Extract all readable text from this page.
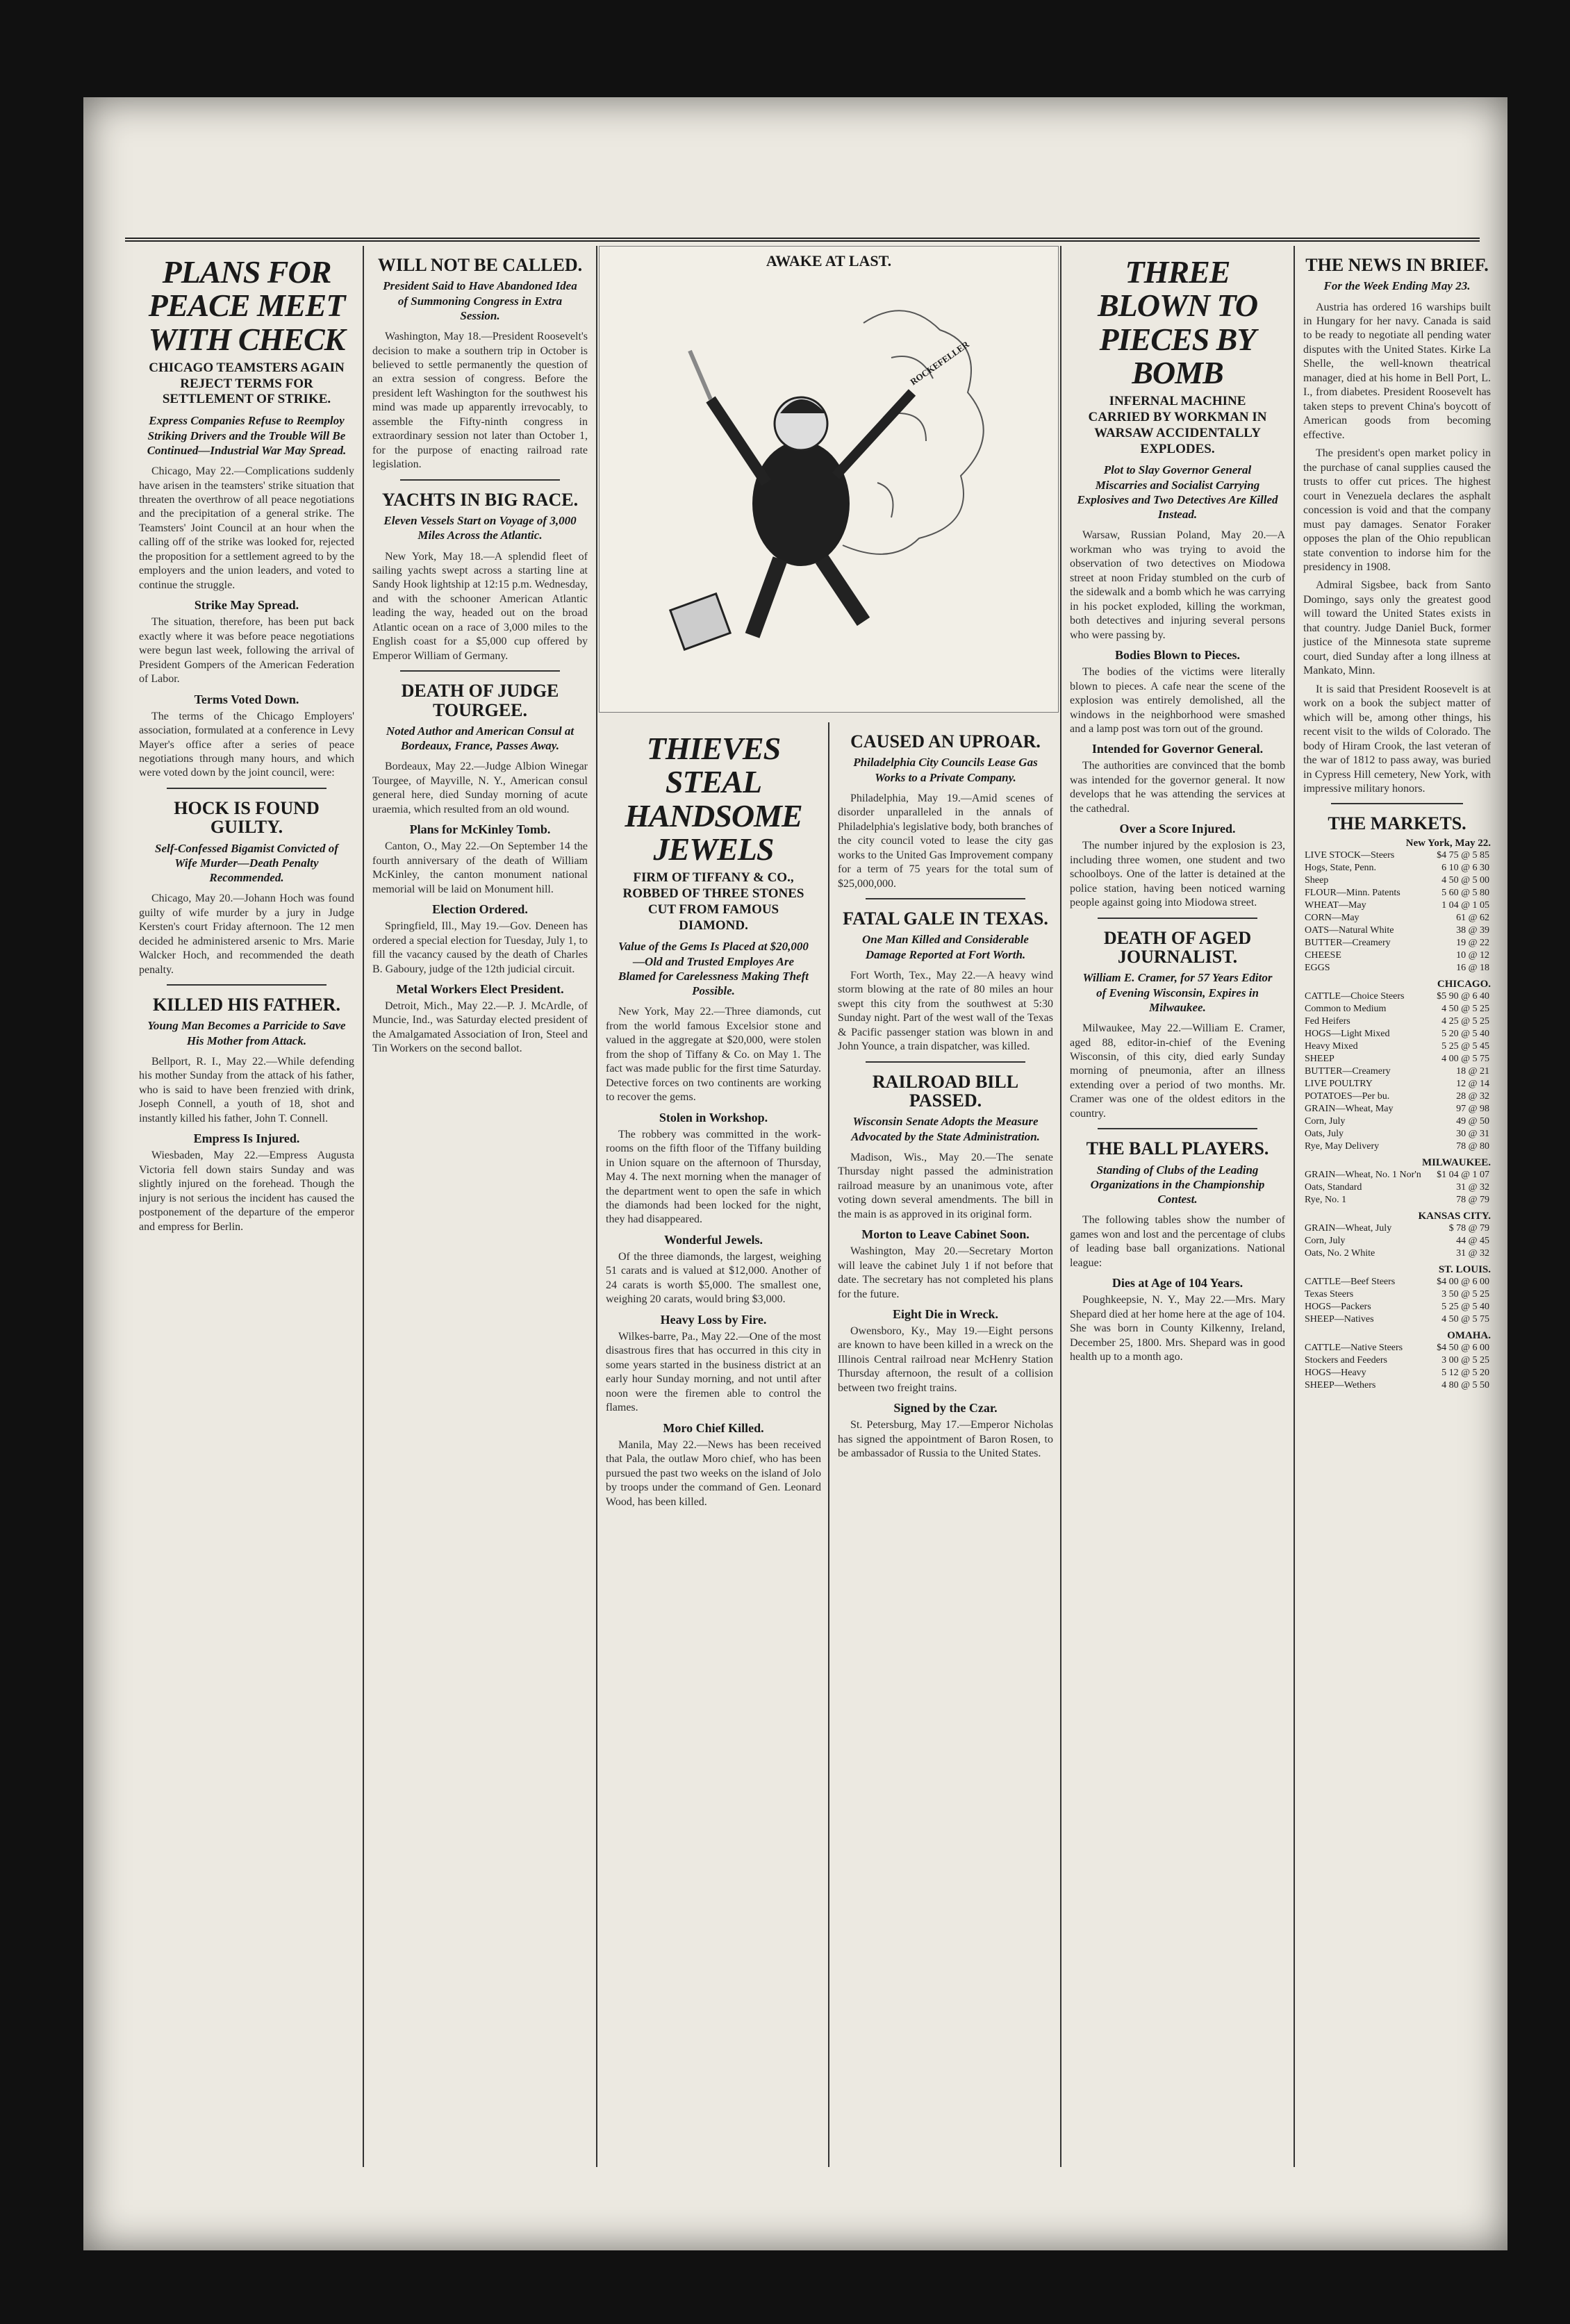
PLANS FOR PEACE MEET WITH CHECK
CHICAGO TEAMSTERS AGAIN REJECT TERMS FOR SETTLEMENT OF STRIKE.
Express Companies Refuse to Reemploy Striking Drivers and the Trouble Will Be Continued—Industrial War May Spread.

Chicago, May 22.—Complications suddenly have arisen in the teamsters' strike situation that threaten the overthrow of all peace negotiations and the precipitation of a general strike. The Teamsters' Joint Council at an hour when the calling off of the strike was looked for, rejected the proposition for a settlement agreed to by the employers and the union leaders, and voted to continue the struggle.

Strike May Spread.

The situation, therefore, has been put back exactly where it was before peace negotiations were begun last week, following the arrival of President Gompers of the American Federation of Labor.

Terms Voted Down.

The terms of the Chicago Employers' association, formulated at a conference in Levy Mayer's office after a series of peace negotiations through many hours, and which were voted down by the joint council, were:

HOCK IS FOUND GUILTY.
Self-Confessed Bigamist Convicted of Wife Murder—Death Penalty Recommended.

Chicago, May 20.—Johann Hoch was found guilty of wife murder by a jury in Judge Kersten's court Friday afternoon. The 12 men decided he administered arsenic to Mrs. Marie Walcker Hoch, and recommended the death penalty.

KILLED HIS FATHER.
Young Man Becomes a Parricide to Save His Mother from Attack.

Bellport, R. I., May 22.—While defending his mother Sunday from the attack of his father, who is said to have been frenzied with drink, Joseph Connell, a youth of 18, shot and instantly killed his father, John T. Connell.

Empress Is Injured.

Wiesbaden, May 22.—Empress Augusta Victoria fell down stairs Sunday and was slightly injured on the forehead. Though the injury is not serious the incident has caused the postponement of the departure of the emperor and empress for Berlin.

WILL NOT BE CALLED.
President Said to Have Abandoned Idea of Summoning Congress in Extra Session.

Washington, May 18.—President Roosevelt's decision to make a southern trip in October is believed to settle permanently the question of an extra session of congress. Before the president left Washington for the southwest his mind was made up apparently irrevocably, to assemble the Fifty-ninth congress in extraordinary session not later than October 1, for the purpose of enacting railroad rate legislation.

YACHTS IN BIG RACE.
Eleven Vessels Start on Voyage of 3,000 Miles Across the Atlantic.

New York, May 18.—A splendid fleet of sailing yachts swept across a starting line at Sandy Hook lightship at 12:15 p.m. Wednesday, and with the schooner American Atlantic leading the way, headed out on the broad Atlantic ocean on a race of 3,000 miles to the English coast for a $5,000 cup offered by Emperor William of Germany.

DEATH OF JUDGE TOURGEE.
Noted Author and American Consul at Bordeaux, France, Passes Away.

Bordeaux, May 22.—Judge Albion Winegar Tourgee, of Mayville, N. Y., American consul general here, died Sunday morning of acute uraemia, which resulted from an old wound.

Plans for McKinley Tomb.

Canton, O., May 22.—On September 14 the fourth anniversary of the death of William McKinley, the canton monument national memorial will be laid on Monument hill.

Election Ordered.

Springfield, Ill., May 19.—Gov. Deneen has ordered a special election for Tuesday, July 1, to fill the vacancy caused by the death of Charles B. Gaboury, judge of the 12th judicial circuit.

Metal Workers Elect President.

Detroit, Mich., May 22.—P. J. McArdle, of Muncie, Ind., was Saturday elected president of the Amalgamated Association of Iron, Steel and Tin Workers on the second ballot.

AWAKE AT LAST.
ROCKEFELLER
THIEVES STEAL HANDSOME JEWELS
FIRM OF TIFFANY & CO., ROBBED OF THREE STONES CUT FROM FAMOUS DIAMOND.
Value of the Gems Is Placed at $20,000—Old and Trusted Employes Are Blamed for Carelessness Making Theft Possible.

New York, May 22.—Three diamonds, cut from the world famous Excelsior stone and valued in the aggregate at $20,000, were stolen from the shop of Tiffany & Co. on May 1. The fact was made public for the first time Saturday. Detective forces on two continents are working to recover the gems.

Stolen in Workshop.

The robbery was committed in the work-rooms on the fifth floor of the Tiffany building in Union square on the afternoon of Thursday, May 4. The next morning when the manager of the department went to open the safe in which the diamonds had been locked for the night, they had disappeared.

Wonderful Jewels.

Of the three diamonds, the largest, weighing 51 carats and is valued at $12,000. Another of 24 carats is worth $5,000. The smallest one, weighing 20 carats, would bring $3,000.

Heavy Loss by Fire.

Wilkes-barre, Pa., May 22.—One of the most disastrous fires that has occurred in this city in some years started in the business district at an early hour Sunday morning, and not until after noon were the firemen able to control the flames.

Moro Chief Killed.

Manila, May 22.—News has been received that Pala, the outlaw Moro chief, who has been pursued the past two weeks on the island of Jolo by troops under the command of Gen. Leonard Wood, has been killed.

CAUSED AN UPROAR.
Philadelphia City Councils Lease Gas Works to a Private Company.

Philadelphia, May 19.—Amid scenes of disorder unparalleled in the annals of Philadelphia's legislative body, both branches of the city council voted to lease the city gas works to the United Gas Improvement company for a term of 75 years for the total sum of $25,000,000.

FATAL GALE IN TEXAS.
One Man Killed and Considerable Damage Reported at Fort Worth.

Fort Worth, Tex., May 22.—A heavy wind storm blowing at the rate of 80 miles an hour swept this city from the southwest at 5:30 Sunday night. Part of the west wall of the Texas & Pacific passenger station was blown in and John Younce, a train dispatcher, was killed.

RAILROAD BILL PASSED.
Wisconsin Senate Adopts the Measure Advocated by the State Administration.

Madison, Wis., May 20.—The senate Thursday night passed the administration railroad measure by an unanimous vote, after voting down several amendments. The bill in the main is as approved in its original form.

Morton to Leave Cabinet Soon.

Washington, May 20.—Secretary Morton will leave the cabinet July 1 if not before that date. The secretary has not completed his plans for the future.

Eight Die in Wreck.

Owensboro, Ky., May 19.—Eight persons are known to have been killed in a wreck on the Illinois Central railroad near McHenry Station Thursday afternoon, the result of a collision between two freight trains.

Signed by the Czar.

St. Petersburg, May 17.—Emperor Nicholas has signed the appointment of Baron Rosen, to be ambassador of Russia to the United States.

THREE BLOWN TO PIECES BY BOMB
INFERNAL MACHINE CARRIED BY WORKMAN IN WARSAW ACCIDENTALLY EXPLODES.
Plot to Slay Governor General Miscarries and Socialist Carrying Explosives and Two Detectives Are Killed Instead.

Warsaw, Russian Poland, May 20.—A workman who was trying to avoid the observation of two detectives on Miodowa street at noon Friday stumbled on the curb of the sidewalk and a bomb which he was carrying in his pocket exploded, killing the workman, both detectives and injuring several persons who were passing by.

Bodies Blown to Pieces.

The bodies of the victims were literally blown to pieces. A cafe near the scene of the explosion was entirely demolished, all the windows in the neighborhood were smashed and a lamp post was torn out of the ground.

Intended for Governor General.

The authorities are convinced that the bomb was intended for the governor general. It now develops that he was attending the services at the cathedral.

Over a Score Injured.

The number injured by the explosion is 23, including three women, one student and two schoolboys. One of the latter is detained at the police station, having been noticed warning people against going into Miodowa street.

DEATH OF AGED JOURNALIST.
William E. Cramer, for 57 Years Editor of Evening Wisconsin, Expires in Milwaukee.

Milwaukee, May 22.—William E. Cramer, aged 88, editor-in-chief of the Evening Wisconsin, of this city, died early Sunday morning of pneumonia, after an illness extending over a period of two months. Mr. Cramer was one of the oldest editors in the country.

THE BALL PLAYERS.
Standing of Clubs of the Leading Organizations in the Championship Contest.

The following tables show the number of games won and lost and the percentage of clubs of leading base ball organizations. National league:

Dies at Age of 104 Years.

Poughkeepsie, N. Y., May 22.—Mrs. Mary Shepard died at her home here at the age of 104. She was born in County Kilkenny, Ireland, December 25, 1800. Mrs. Shepard was in good health up to a month ago.

THE NEWS IN BRIEF.
For the Week Ending May 23.

Austria has ordered 16 warships built in Hungary for her navy. Canada is said to be ready to negotiate all pending water disputes with the United States. Kirke La Shelle, the well-known theatrical manager, died at his home in Bell Port, L. I., from diabetes. President Roosevelt has taken steps to prevent China's boycott of American goods from becoming effective.

The president's open market policy in the purchase of canal supplies caused the trusts to offer cut prices. The highest court in Venezuela declares the asphalt concession is void and that the company must pay damages. Senator Foraker opposes the plan of the Ohio republican state convention to indorse him for the presidency in 1908.

Admiral Sigsbee, back from Santo Domingo, says only the greatest good will toward the United States exists in that country. Judge Daniel Buck, former justice of the Minnesota state supreme court, died Sunday after a long illness at Mankato, Minn.

It is said that President Roosevelt is at work on a book the subject matter of which will be, among other things, his recent visit to the wilds of Colorado. The body of Hiram Crook, the last veteran of the war of 1812 to pass away, was buried in Cypress Hill cemetery, New York, with impressive military honors.

THE MARKETS.
New York, May 22.
LIVE STOCK—Steers	$4 75 @ 5 85
Hogs, State, Penn.	6 10 @ 6 30
Sheep	4 50 @ 5 00
FLOUR—Minn. Patents	5 60 @ 5 80
WHEAT—May	1 04 @ 1 05
CORN—May	61 @ 62
OATS—Natural White	38 @ 39
BUTTER—Creamery	19 @ 22
CHEESE	10 @ 12
EGGS	16 @ 18
CHICAGO.
CATTLE—Choice Steers	$5 90 @ 6 40
Common to Medium	4 50 @ 5 25
Fed Heifers	4 25 @ 5 25
HOGS—Light Mixed	5 20 @ 5 40
Heavy Mixed	5 25 @ 5 45
SHEEP	4 00 @ 5 75
BUTTER—Creamery	18 @ 21
LIVE POULTRY	12 @ 14
POTATOES—Per bu.	28 @ 32
GRAIN—Wheat, May	97 @ 98
Corn, July	49 @ 50
Oats, July	30 @ 31
Rye, May Delivery	78 @ 80
MILWAUKEE.
GRAIN—Wheat, No. 1 Nor'n	$1 04 @ 1 07
Oats, Standard	31 @ 32
Rye, No. 1	78 @ 79
KANSAS CITY.
GRAIN—Wheat, July	$ 78 @ 79
Corn, July	44 @ 45
Oats, No. 2 White	31 @ 32
ST. LOUIS.
CATTLE—Beef Steers	$4 00 @ 6 00
Texas Steers	3 50 @ 5 25
HOGS—Packers	5 25 @ 5 40
SHEEP—Natives	4 50 @ 5 75
OMAHA.
CATTLE—Native Steers	$4 50 @ 6 00
Stockers and Feeders	3 00 @ 5 25
HOGS—Heavy	5 12 @ 5 20
SHEEP—Wethers	4 80 @ 5 50
